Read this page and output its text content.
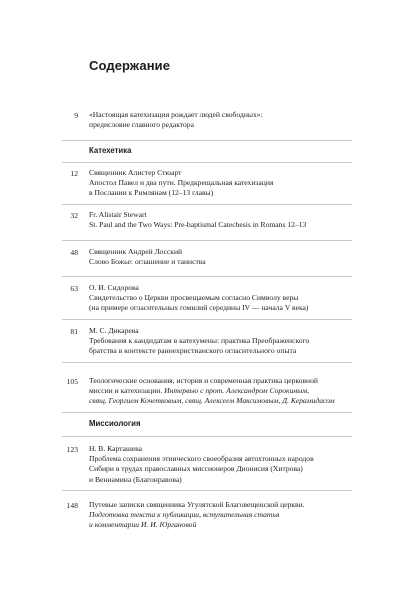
Содержание
9 «Настоящая катехизация рождает людей свободных»:
предисловие главного редактора
Катехетика
12 Священник Алистер Стюарт
Апостол Павел и два пути. Предкрещальная катехизация
в Послании к Римлянам (12–13 главы)
32 Fr. Alistair Stewart
St. Paul and the Two Ways: Pre-baptismal Catechesis in Romans 12–13
48 Священник Андрей Лосский
Слово Божье: оглашение и таинства
63 О. И. Сидорова
Свидетельство о Церкви просвещаемым согласно Символу веры
(на примере огласительных гомилий середины IV — начала V века)
81 М. С. Дикарева
Требования к кандидатам в катехумены: практика Преображенского
братства в контексте раннехристианского огласительного опыта
105 Теологические основания, история и современная практика церковной
миссии и катехизации. Интервью с прот. Александром Сорокиным,
свящ. Георгием Кочетковым, свящ. Алексеем Максимовым, Д. Керамидасом
Миссиология
123 Н. В. Карташева
Проблема сохранения этнического своеобразия автохтонных народов
Сибири в трудах православных миссионеров Дионисия (Хитрова)
и Вениамина (Благонравова)
148 Путевые записки священника Угулятской Благовещенской церкви.
Подготовка текста к публикации, вступительная статья
и комментарии И. И. Юргановой
